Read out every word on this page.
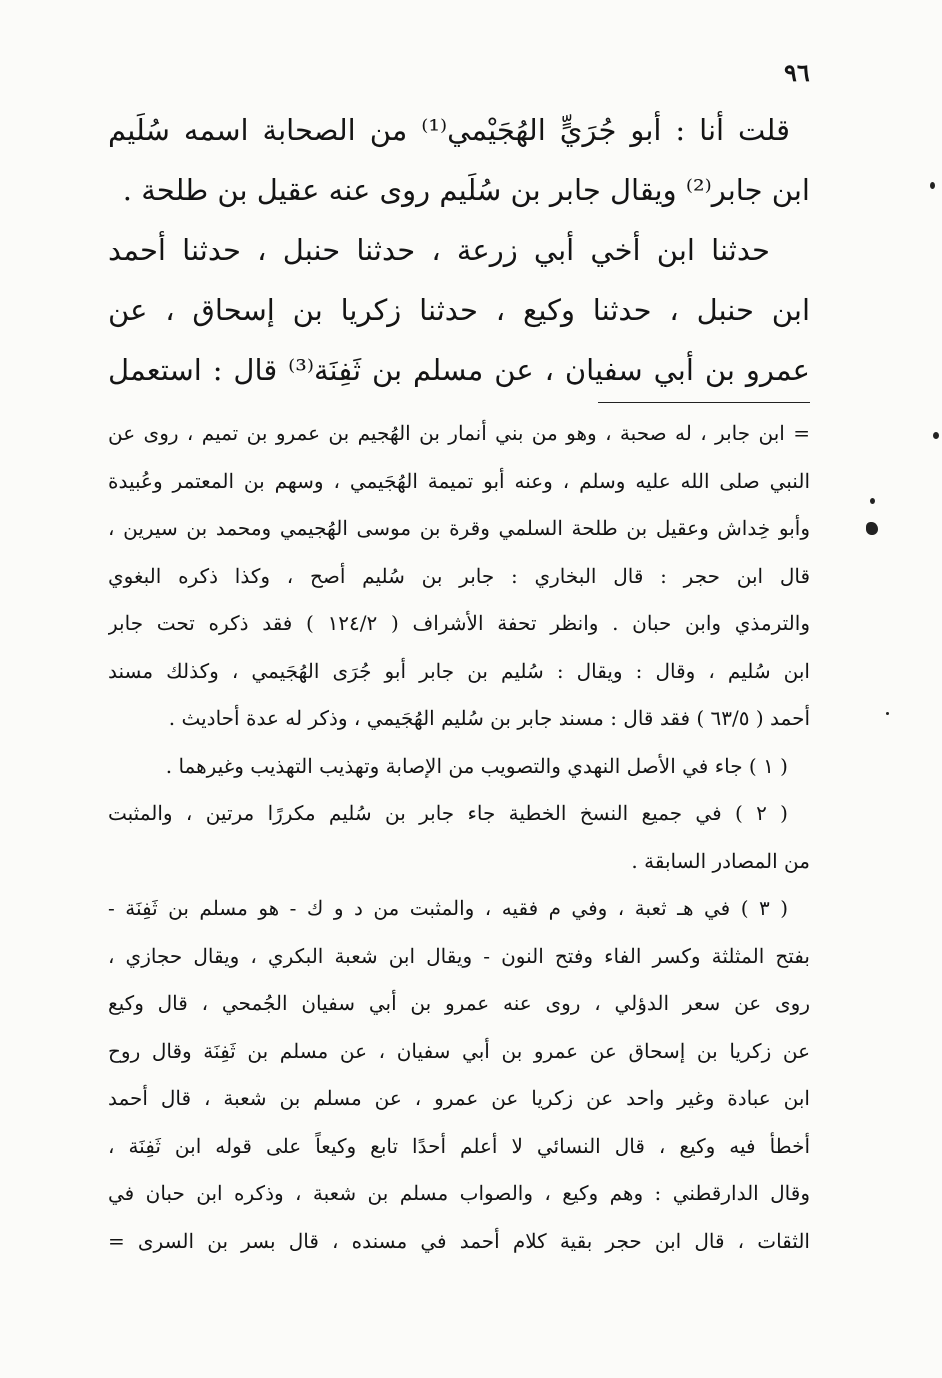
٩٦
قلت أنا : أبو جُرَيٍّ الهُجَيْمي⁽¹⁾ من الصحابة اسمه سُلَيم
ابن جابر⁽²⁾ ويقال جابر بن سُلَيم روى عنه عقيل بن طلحة .
حدثنا ابن أخي أبي زرعة ، حدثنا حنبل ، حدثنا أحمد
ابن حنبل ، حدثنا وكيع ، حدثنا زكريا بن إسحاق ، عن
عمرو بن أبي سفيان ، عن مسلم بن ثَفِنَة⁽³⁾ قال : استعمل
= ابن جابر ، له صحبة ، وهو من بني أنمار بن الهُجيم بن عمرو بن تميم ، روى عن
النبي صلى الله عليه وسلم ، وعنه أبو تميمة الهُجَيمي ، وسهم بن المعتمر وعُبيدة
وأبو خِداش وعقيل بن طلحة السلمي وقرة بن موسى الهُجيمي ومحمد بن سيرين ،
قال ابن حجر : قال البخاري : جابر بن سُليم أصح ، وكذا ذكره البغوي
والترمذي وابن حبان . وانظر تحفة الأشراف ( ١٢٤/٢ ) فقد ذكره تحت جابر
ابن سُليم ، وقال : ويقال : سُليم بن جابر أبو جُرَى الهُجَيمي ، وكذلك مسند
أحمد ( ٦٣/٥ ) فقد قال : مسند جابر بن سُليم الهُجَيمي ، وذكر له عدة أحاديث .
( ١ ) جاء في الأصل النهدي والتصويب من الإصابة وتهذيب التهذيب وغيرهما .
( ٢ ) في جميع النسخ الخطية جاء جابر بن سُليم مكررًا مرتين ، والمثبت
من المصادر السابقة .
( ٣ ) في هـ ثعبة ، وفي م فقيه ، والمثبت من د و ك - هو مسلم بن ثَفِنَة -
بفتح المثلثة وكسر الفاء وفتح النون - ويقال ابن شعبة البكري ، ويقال حجازي ،
روى عن سعر الدؤلي ، روى عنه عمرو بن أبي سفيان الجُمحي ، قال وكيع
عن زكريا بن إسحاق عن عمرو بن أبي سفيان ، عن مسلم بن ثَفِنَة وقال روح
ابن عبادة وغير واحد عن زكريا عن عمرو ، عن مسلم بن شعبة ، قال أحمد
أخطأ فيه وكيع ، قال النسائي لا أعلم أحدًا تابع وكيعاً على قوله ابن ثَفِنَة ،
وقال الدارقطني : وهم وكيع ، والصواب مسلم بن شعبة ، وذكره ابن حبان في
الثقات ، قال ابن حجر بقية كلام أحمد في مسنده ، قال بسر بن السرى =
